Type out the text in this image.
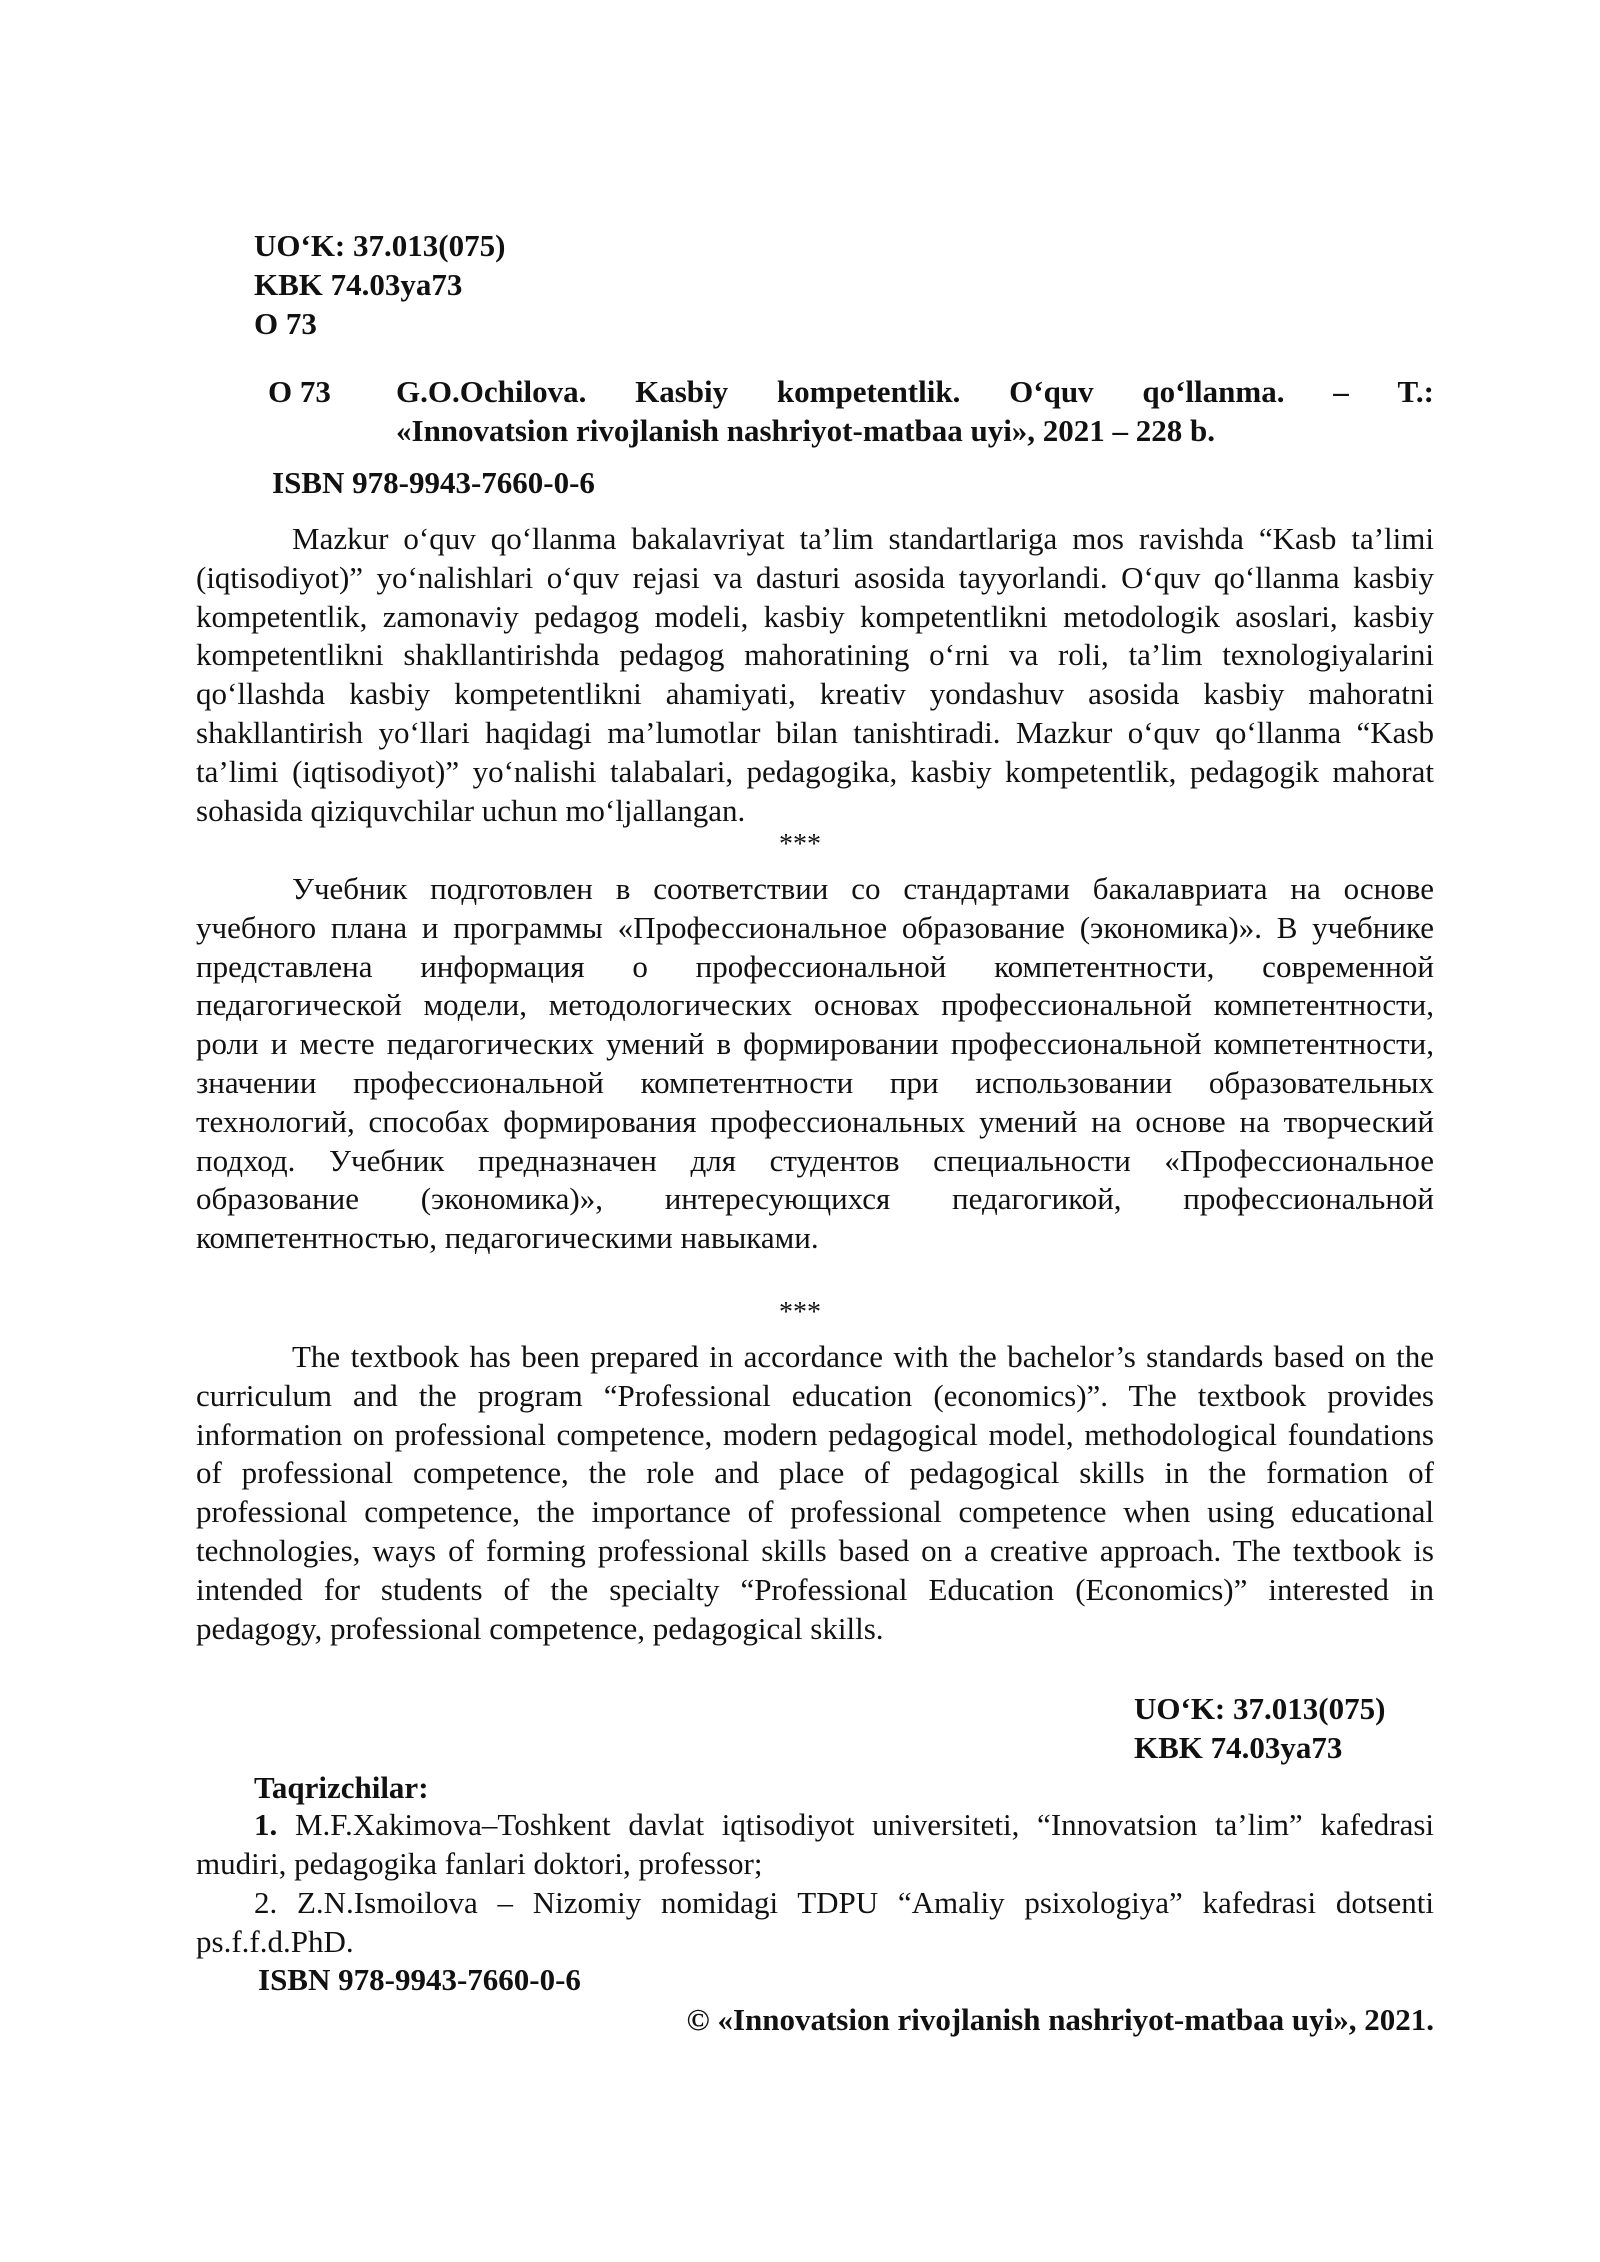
UO‘K: 37.013(075)
KBK 74.03ya73
O 73
O 73	G.O.Ochilova. Kasbiy kompetentlik. O‘quv qo‘llanma. – T.:
«Innovatsion rivojlanish nashriyot-matbaa uyi», 2021 – 228 b.
ISBN 978-9943-7660-0-6

Mazkur o‘quv qo‘llanma bakalavriyat ta’lim standartlariga mos ravishda “Kasb ta’limi (iqtisodiyot)” yo‘nalishlari o‘quv rejasi va dasturi asosida tayyorlandi. O‘quv qo‘llanma kasbiy kompetentlik, zamonaviy pedagog modeli, kasbiy kompetentlikni metodologik asoslari, kasbiy kompetentlikni shakllantirishda pedagog mahoratining o‘rni va roli, ta’lim texnologiyalarini qo‘llashda kasbiy kompetentlikni ahamiyati, kreativ yondashuv asosida kasbiy mahoratni shakllantirish yo‘llari haqidagi ma’lumotlar bilan tanishtiradi. Mazkur o‘quv qo‘llanma “Kasb ta’limi (iqtisodiyot)” yo‘nalishi talabalari, pedagogika, kasbiy kompetentlik, pedagogik mahorat sohasida qiziquvchilar uchun mo‘ljallangan.

***

Учебник подготовлен в соответствии со стандартами бакалавриата на основе учебного плана и программы «Профессиональное образование (экономика)». В учебнике представлена информация о профессиональной компетентности, современной педагогической модели, методологических основах профессиональной компетентности, роли и месте педагогических умений в формировании профессиональной компетентности, значении профессиональной компетентности при использовании образовательных технологий, способах формирования профессиональных умений на основе на творческий подход. Учебник предназначен для студентов специальности «Профессиональное образование (экономика)», интересующихся педагогикой, профессиональной компетентностью, педагогическими навыками.

***

The textbook has been prepared in accordance with the bachelor’s standards based on the curriculum and the program “Professional education (economics)”. The textbook provides information on professional competence, modern pedagogical model, methodological foundations of professional competence, the role and place of pedagogical skills in the formation of professional competence, the importance of professional competence when using educational technologies, ways of forming professional skills based on a creative approach. The textbook is intended for students of the specialty “Professional Education (Economics)” interested in pedagogy, professional competence, pedagogical skills.

UO‘K: 37.013(075)
KBK 74.03ya73
Taqrizchilar:

1. M.F.Xakimova–Toshkent davlat iqtisodiyot universiteti, “Innovatsion ta’lim” kafedrasi mudiri, pedagogika fanlari doktori, professor;

2. Z.N.Ismoilova – Nizomiy nomidagi TDPU “Amaliy psixologiya” kafedrasi dotsenti ps.f.f.d.PhD.

ISBN 978-9943-7660-0-6
© «Innovatsion rivojlanish nashriyot-matbaa uyi», 2021.
